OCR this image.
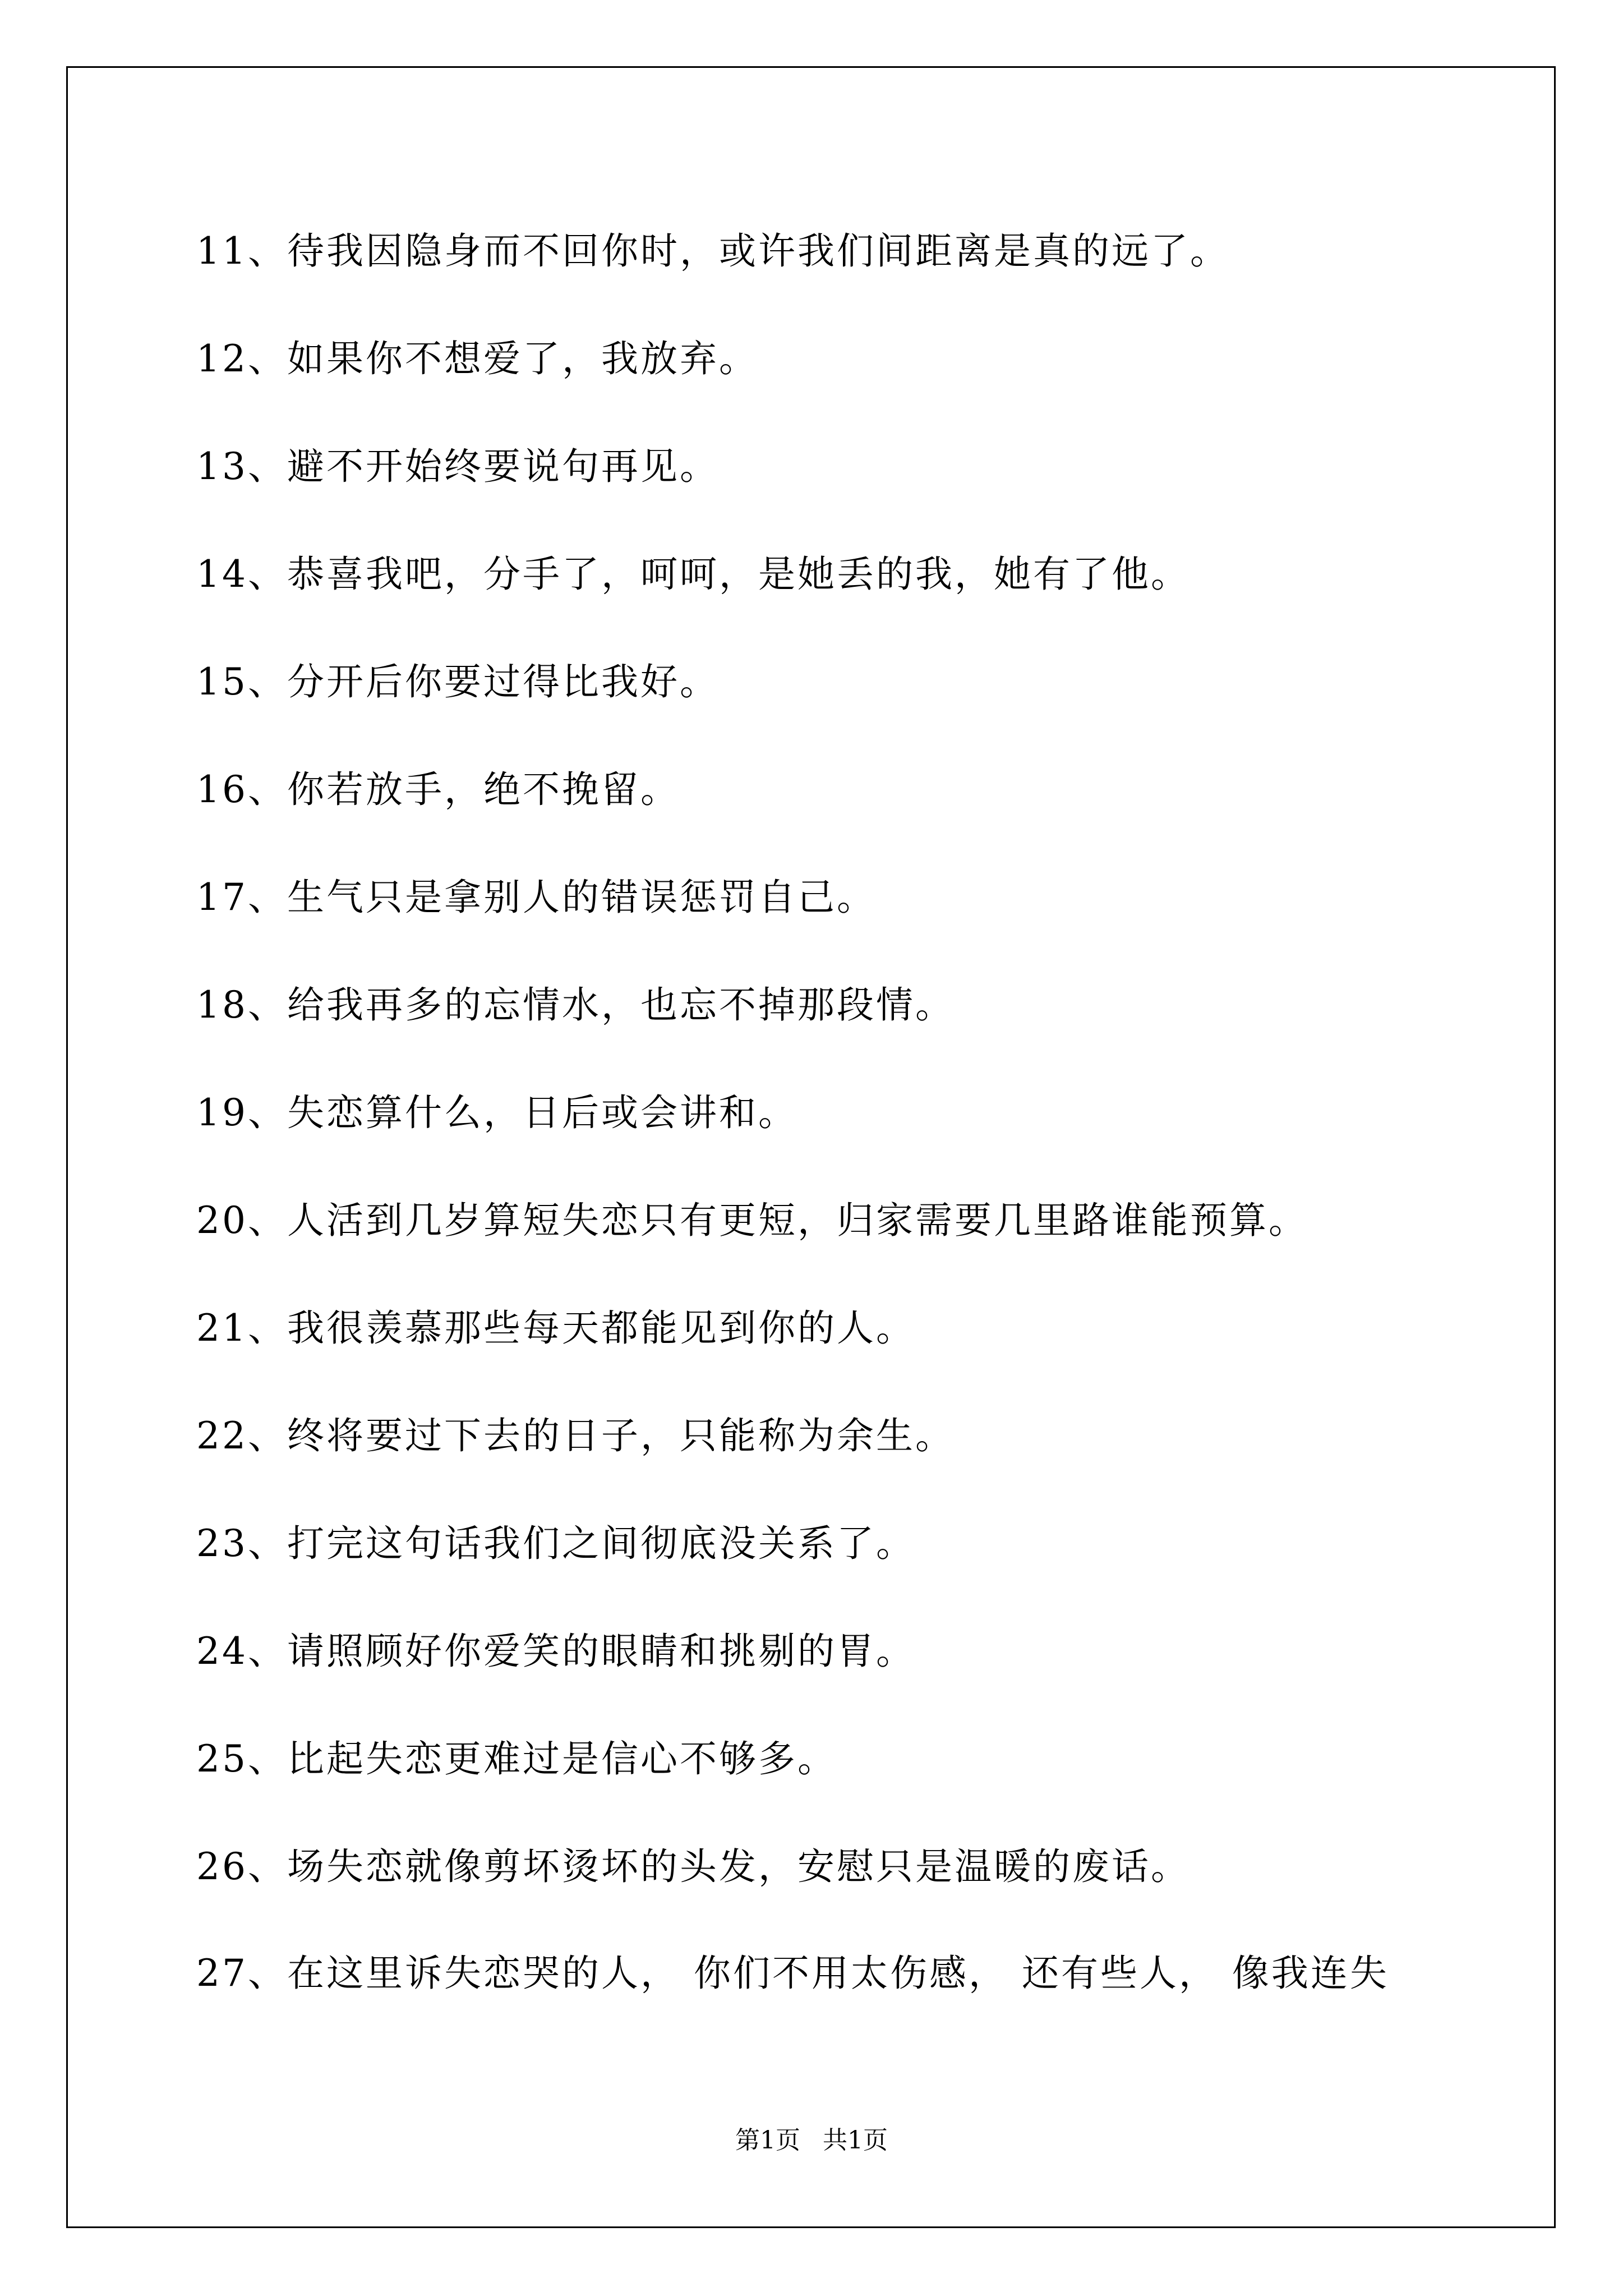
11、待我因隐身而不回你时，或许我们间距离是真的远了。
12、如果你不想爱了，我放弃。
13、避不开始终要说句再见。
14、恭喜我吧，分手了，呵呵，是她丢的我，她有了他。
15、分开后你要过得比我好。
16、你若放手，绝不挽留。
17、生气只是拿别人的错误惩罚自己。
18、给我再多的忘情水，也忘不掉那段情。
19、失恋算什么，日后或会讲和。
20、人活到几岁算短失恋只有更短，归家需要几里路谁能预算。
21、我很羡慕那些每天都能见到你的人。
22、终将要过下去的日子，只能称为余生。
23、打完这句话我们之间彻底没关系了。
24、请照顾好你爱笑的眼睛和挑剔的胃。
25、比起失恋更难过是信心不够多。
26、场失恋就像剪坏烫坏的头发，安慰只是温暖的废话。
27、在这里诉失恋哭的人， 你们不用太伤感， 还有些人， 像我连失
第1页 共1页
